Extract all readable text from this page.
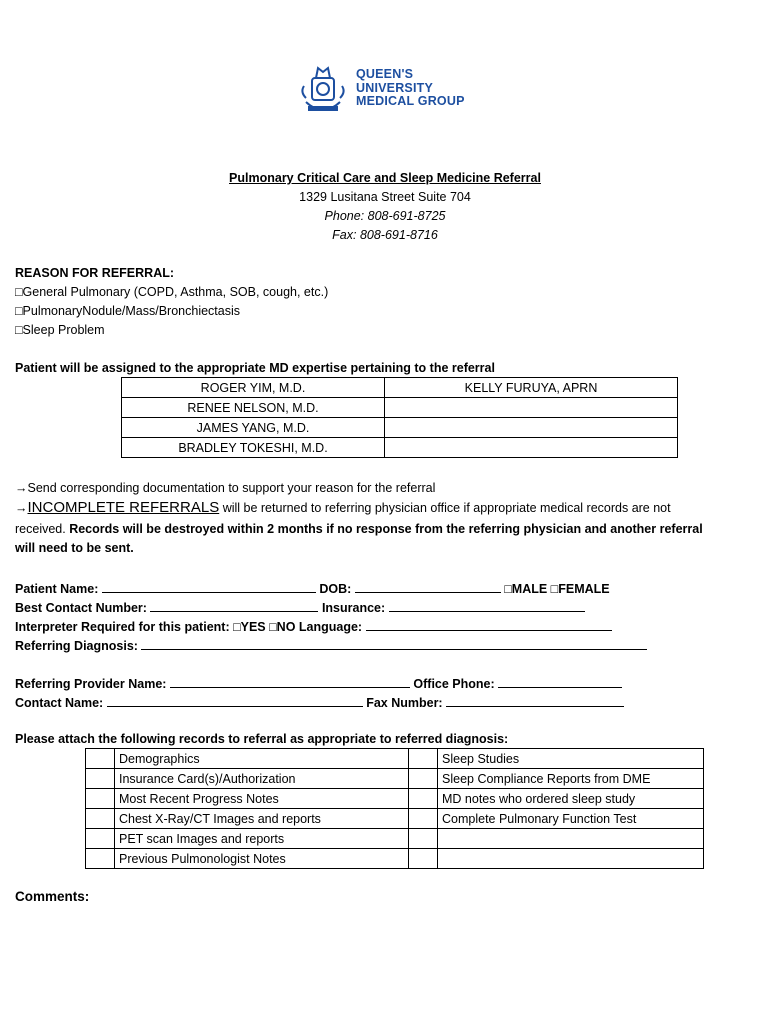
QUEEN'S
UNIVERSITY
MEDICAL GROUP
Pulmonary Critical Care and Sleep Medicine Referral
1329 Lusitana Street Suite 704
Phone: 808-691-8725
Fax: 808-691-8716
REASON FOR REFERRAL:
□General Pulmonary (COPD, Asthma, SOB, cough, etc.)
□PulmonaryNodule/Mass/Bronchiectasis
□Sleep Problem
Patient will be assigned to the appropriate MD expertise pertaining to the referral
ROGER YIM, M.D.	KELLY FURUYA, APRN
RENEE NELSON, M.D.	
JAMES YANG, M.D.	
BRADLEY TOKESHI, M.D.	
→Send corresponding documentation to support your reason for the referral
→INCOMPLETE REFERRALS will be returned to referring physician office if appropriate medical records are not
received. Records will be destroyed within 2 months if no response from the referring physician and another referral
will need to be sent.
Patient Name:	DOB:	□MALE □FEMALE
Best Contact Number:	Insurance:
Interpreter Required for this patient: □YES □NO Language:
Referring Diagnosis:
Referring Provider Name:	Office Phone:
Contact Name:	Fax Number:
Please attach the following records to referral as appropriate to referred diagnosis:
	Demographics		Sleep Studies
	Insurance Card(s)/Authorization		Sleep Compliance Reports from DME
	Most Recent Progress Notes		MD notes who ordered sleep study
	Chest X-Ray/CT Images and reports		Complete Pulmonary Function Test
	PET scan Images and reports		
	Previous Pulmonologist Notes		
Comments:
